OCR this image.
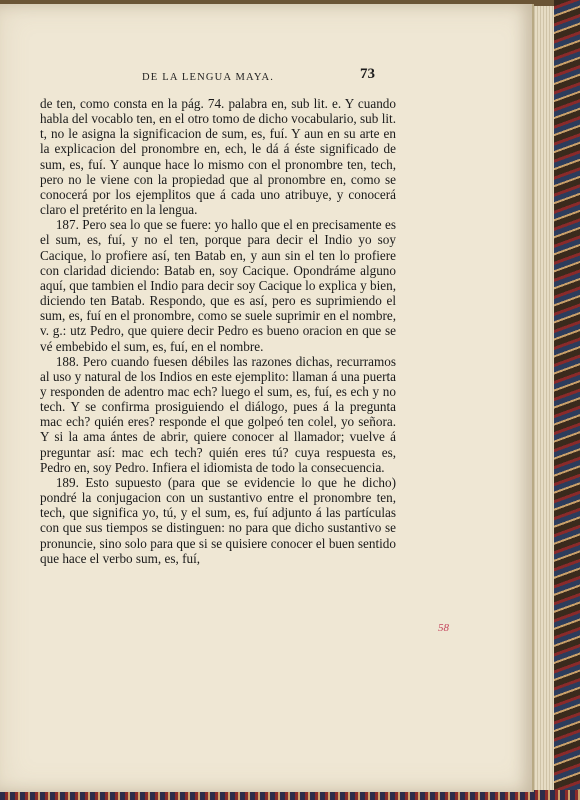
DE LA LENGUA MAYA.	73

de ten, como consta en la pág. 74. palabra en, sub lit. e. Y cuando habla del vocablo ten, en el otro tomo de dicho vocabulario, sub lit. t, no le asigna la significacion de sum, es, fuí. Y aun en su arte en la explicacion del pronombre en, ech, le dá á éste significado de sum, es, fuí. Y aunque hace lo mismo con el pronombre ten, tech, pero no le viene con la propiedad que al pronombre en, como se conocerá por los ejemplitos que á cada uno atribuye, y conocerá claro el pretérito en la lengua.

187. Pero sea lo que se fuere: yo hallo que el en precisamente es el sum, es, fuí, y no el ten, porque para decir el Indio yo soy Cacique, lo profiere así, ten Batab en, y aun sin el ten lo profiere con claridad diciendo: Batab en, soy Cacique. Opondráme alguno aquí, que tambien el Indio para decir soy Cacique lo explica y bien, diciendo ten Batab. Respondo, que es así, pero es suprimiendo el sum, es, fuí en el pronombre, como se suele suprimir en el nombre, v. g.: utz Pedro, que quiere decir Pedro es bueno oracion en que se vé embebido el sum, es, fuí, en el nombre.

188. Pero cuando fuesen débiles las razones dichas, recurramos al uso y natural de los Indios en este ejemplito: llaman á una puerta y responden de adentro mac ech? luego el sum, es, fuí, es ech y no tech. Y se confirma prosiguiendo el diálogo, pues á la pregunta mac ech? quién eres? responde el que golpeó ten colel, yo señora. Y si la ama ántes de abrir, quiere conocer al llamador; vuelve á preguntar así: mac ech tech? quién eres tú? cuya respuesta es, Pedro en, soy Pedro. Infiera el idiomista de todo la consecuencia.

189. Esto supuesto (para que se evidencie lo que he dicho) pondré la conjugacion con un sustantivo entre el pronombre ten, tech, que significa yo, tú, y el sum, es, fuí adjunto á las partículas con que sus tiempos se distinguen: no para que dicho sustantivo se pronuncie, sino solo para que si se quisiere conocer el buen sentido que hace el verbo sum, es, fuí,

58
